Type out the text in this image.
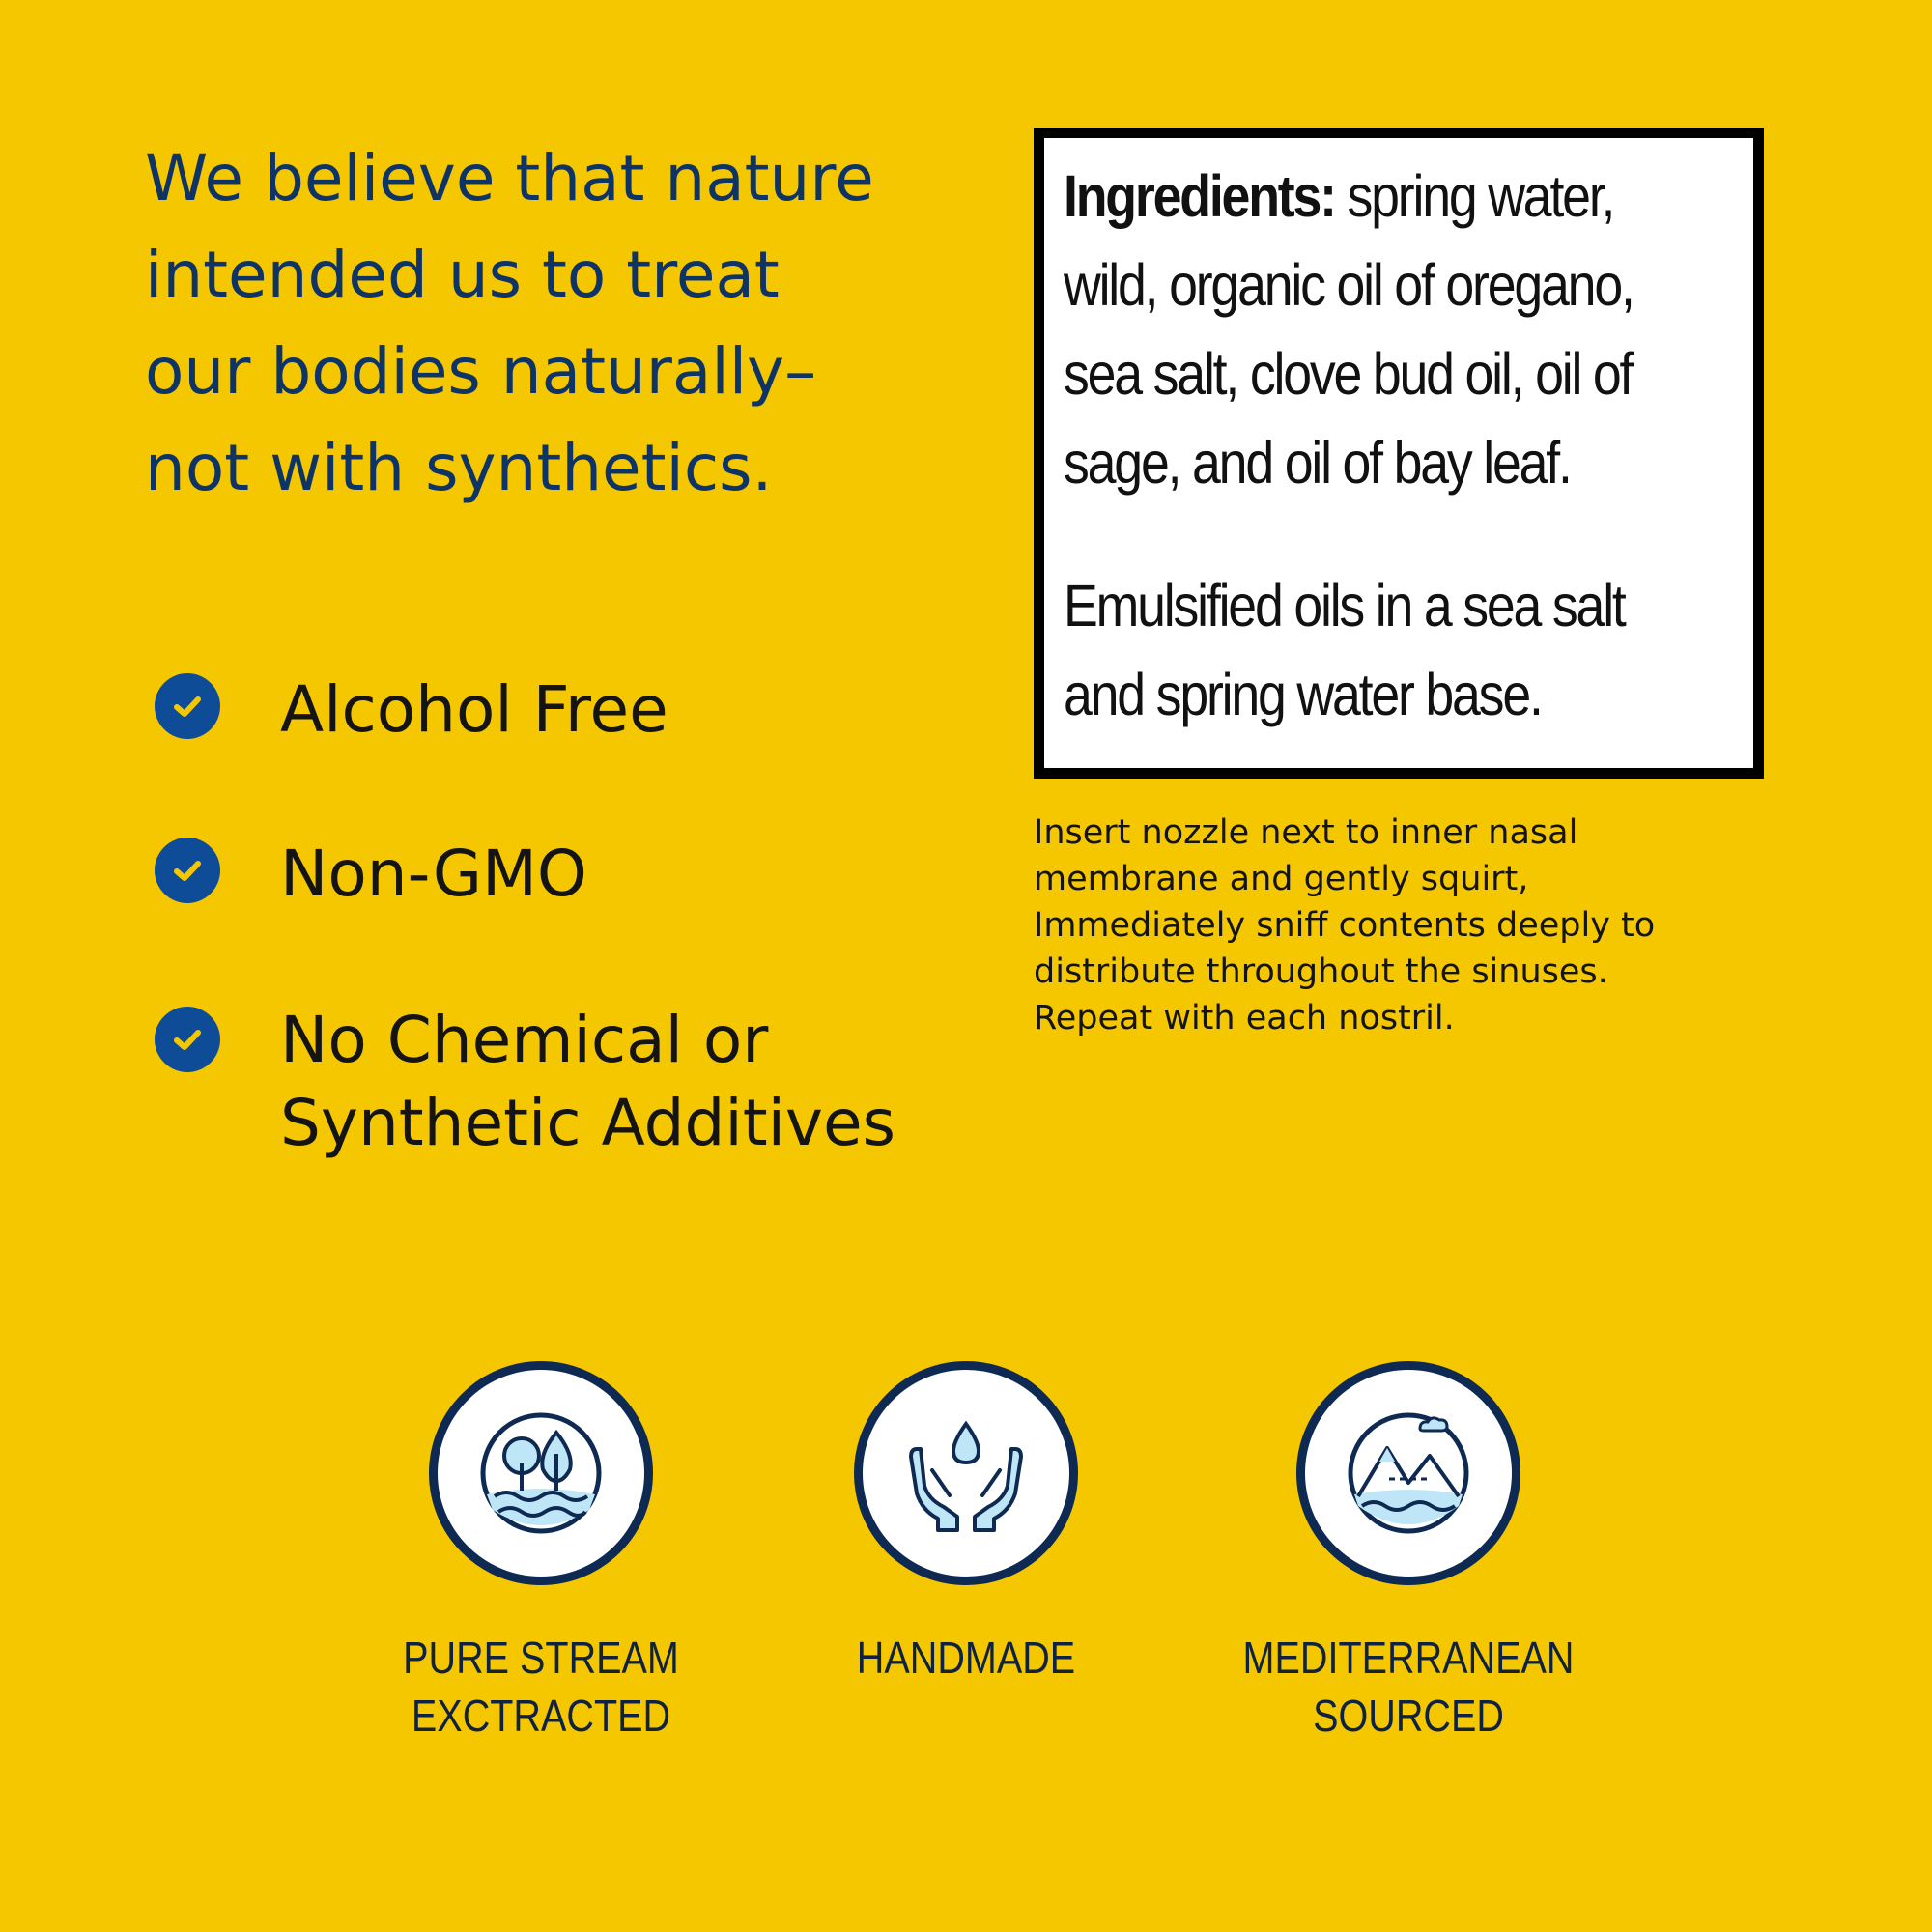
We believe that nature
intended us to treat
our bodies naturally–
not with synthetics.

Alcohol Free
Non-GMO
No Chemical or
Synthetic Additives
Ingredients: spring water,
wild, organic oil of oregano,
sea salt, clove bud oil, oil of
sage, and oil of bay leaf.
Emulsified oils in a sea salt
and spring water base.
Insert nozzle next to inner nasal
membrane and gently squirt,
Immediately sniff contents deeply to
distribute throughout the sinuses.
Repeat with each nostril.
PURE STREAM
EXCTRACTED
HANDMADE	MEDITERRANEAN
SOURCED
